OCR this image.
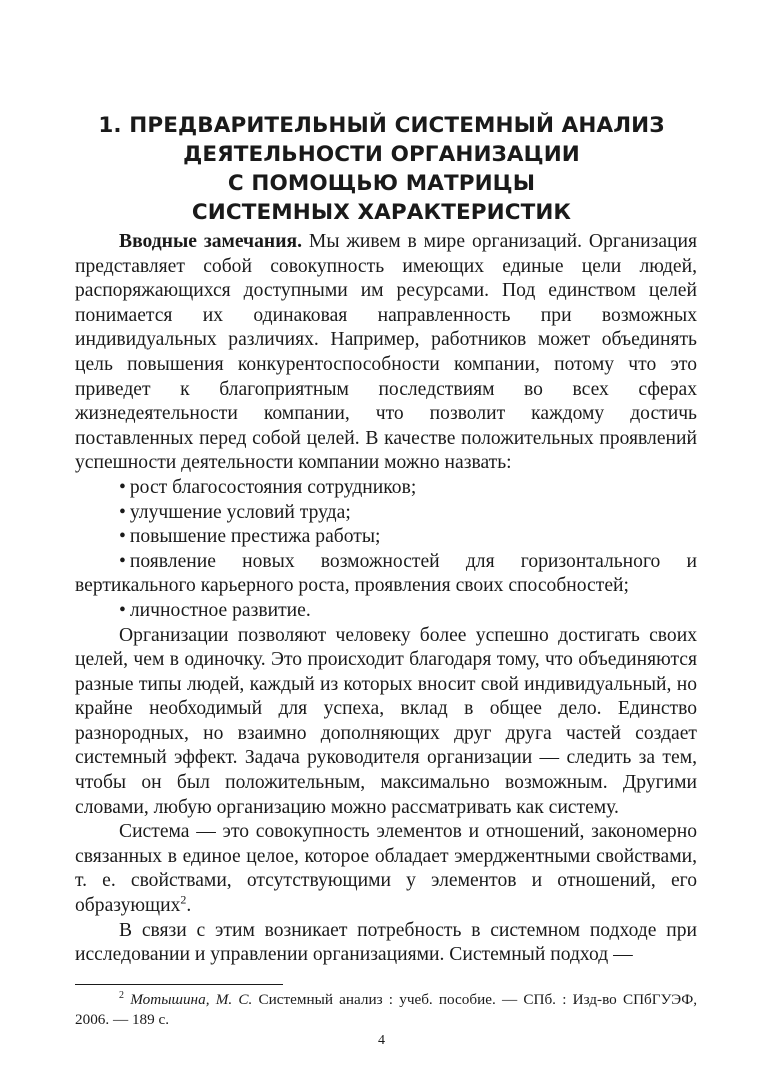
1. ПРЕДВАРИТЕЛЬНЫЙ СИСТЕМНЫЙ АНАЛИЗ
ДЕЯТЕЛЬНОСТИ ОРГАНИЗАЦИИ
С ПОМОЩЬЮ МАТРИЦЫ
СИСТЕМНЫХ ХАРАКТЕРИСТИК

Вводные замечания. Мы живем в мире организаций. Организация представляет собой совокупность имеющих единые цели людей, распоряжающихся доступными им ресурсами. Под единством целей понимается их одинаковая направленность при возможных индивидуальных различиях. Например, работников может объединять цель повышения конкурентоспособности компании, потому что это приведет к благоприятным последствиям во всех сферах жизнедеятельности компании, что позволит каждому достичь поставленных перед собой целей. В качестве положительных проявлений успешности деятельности компании можно назвать:

• рост благосостояния сотрудников;
• улучшение условий труда;
• повышение престижа работы;
• появление новых возможностей для горизонтального и вертикального карьерного роста, проявления своих способностей;
• личностное развитие.

Организации позволяют человеку более успешно достигать своих целей, чем в одиночку. Это происходит благодаря тому, что объединяются разные типы людей, каждый из которых вносит свой индивидуальный, но крайне необходимый для успеха, вклад в общее дело. Единство разнородных, но взаимно дополняющих друг друга частей создает системный эффект. Задача руководителя организации — следить за тем, чтобы он был положительным, максимально возможным. Другими словами, любую организацию можно рассматривать как систему.

Система — это совокупность элементов и отношений, закономерно связанных в единое целое, которое обладает эмерджентными свойствами, т. е. свойствами, отсутствующими у элементов и отношений, его образующих$^2$.

В связи с этим возникает потребность в системном подходе при исследовании и управлении организациями. Системный подход —

$^2$ Мотышина, М. С. Системный анализ : учеб. пособие. — СПб. : Изд-во СПбГУЭФ, 2006. — 189 с.
4
